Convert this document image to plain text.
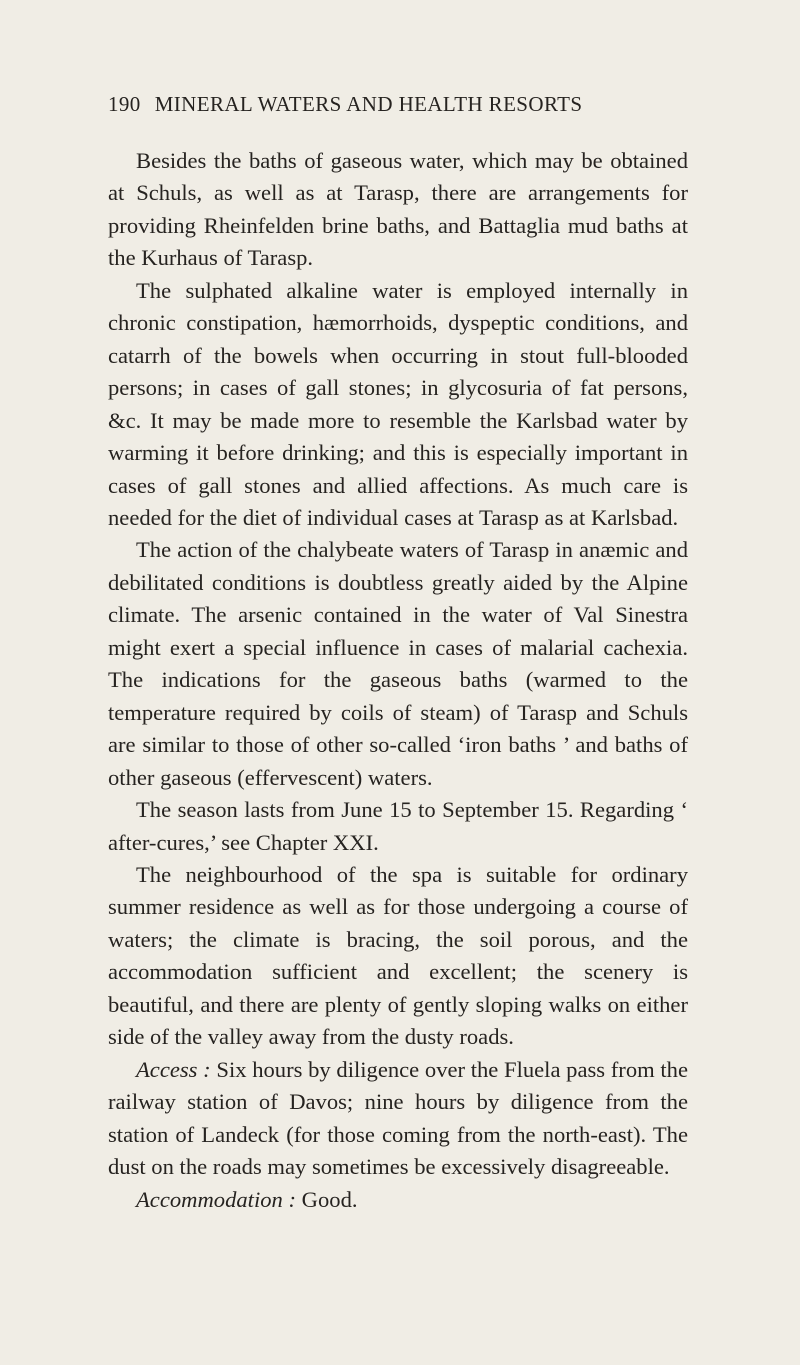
190 MINERAL WATERS AND HEALTH RESORTS

Besides the baths of gaseous water, which may be obtained at Schuls, as well as at Tarasp, there are arrangements for providing Rheinfelden brine baths, and Battaglia mud baths at the Kurhaus of Tarasp.

The sulphated alkaline water is employed internally in chronic constipation, hæmorrhoids, dyspeptic conditions, and catarrh of the bowels when occurring in stout full-blooded persons; in cases of gall stones; in glycosuria of fat persons, &c. It may be made more to resemble the Karlsbad water by warming it before drinking; and this is especially important in cases of gall stones and allied affections. As much care is needed for the diet of individual cases at Tarasp as at Karlsbad.

The action of the chalybeate waters of Tarasp in anæmic and debilitated conditions is doubtless greatly aided by the Alpine climate. The arsenic contained in the water of Val Sinestra might exert a special influence in cases of malarial cachexia. The indications for the gaseous baths (warmed to the temperature required by coils of steam) of Tarasp and Schuls are similar to those of other so-called ‘iron baths ’ and baths of other gaseous (effervescent) waters.

The season lasts from June 15 to September 15. Regarding ‘ after-cures,’ see Chapter XXI.

The neighbourhood of the spa is suitable for ordinary summer residence as well as for those undergoing a course of waters; the climate is bracing, the soil porous, and the accommodation sufficient and excellent; the scenery is beautiful, and there are plenty of gently sloping walks on either side of the valley away from the dusty roads.

Access : Six hours by diligence over the Fluela pass from the railway station of Davos; nine hours by diligence from the station of Landeck (for those coming from the north-east). The dust on the roads may sometimes be excessively disagreeable.

Accommodation : Good.
